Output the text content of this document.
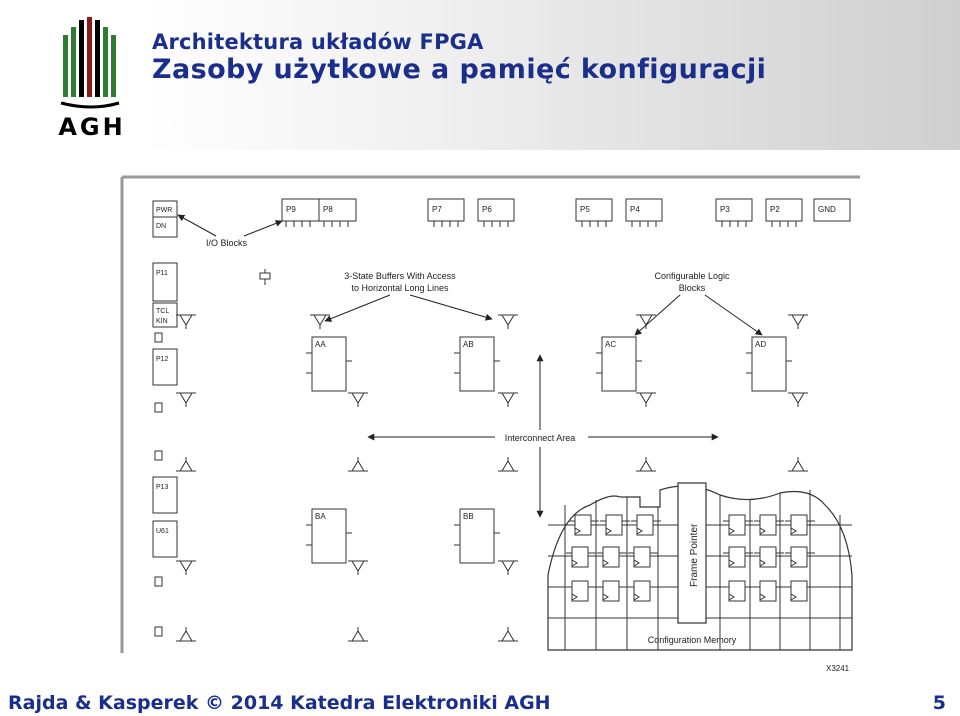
AGH
Architektura układów FPGA
Zasoby użytkowe a pamięć konfiguracji
P9	P8	P7	P6	P5	P4	P3	P2	GND
PWR
DN
P11
TCL
KIN
P12
P13
U61
AA	AB	AC	AD
BA	BB
I/O Blocks
3-State Buffers With Access
to Horizontal Long Lines
Configurable Logic
Blocks
Interconnect Area
Frame Pointer
Configuration Memory
X3241
Rajda & Kasperek © 2014 Katedra Elektroniki AGH	5
